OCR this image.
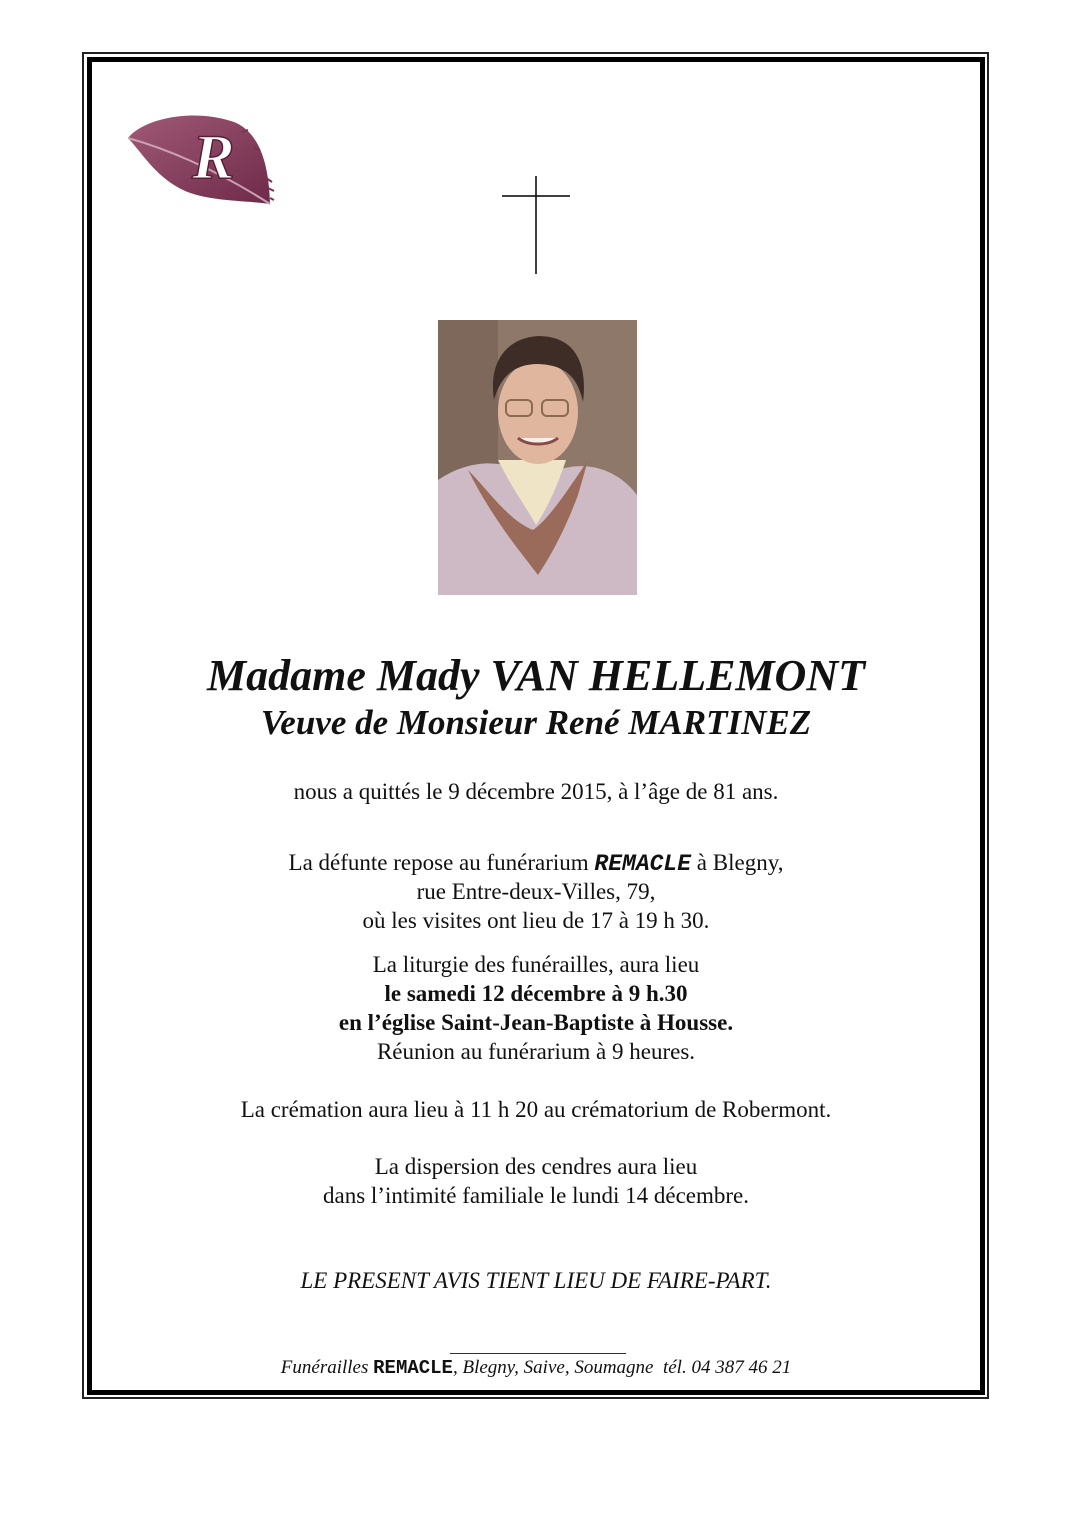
R
Madame Mady VAN HELLEMONT
Veuve de Monsieur René MARTINEZ
nous a quittés le 9 décembre 2015, à l’âge de 81 ans.
La défunte repose au funérarium REMACLE à Blegny,
rue Entre-deux-Villes, 79,
où les visites ont lieu de 17 à 19 h 30.
La liturgie des funérailles, aura lieu
le samedi 12 décembre à 9 h.30
en l’église Saint-Jean-Baptiste à Housse.
Réunion au funérarium à 9 heures.
La crémation aura lieu à 11 h 20 au crématorium de Robermont.
La dispersion des cendres aura lieu
dans l’intimité familiale le lundi 14 décembre.
LE PRESENT AVIS TIENT LIEU DE FAIRE-PART.
Funérailles REMACLE, Blegny, Saive, Soumagne  tél. 04 387 46 21
